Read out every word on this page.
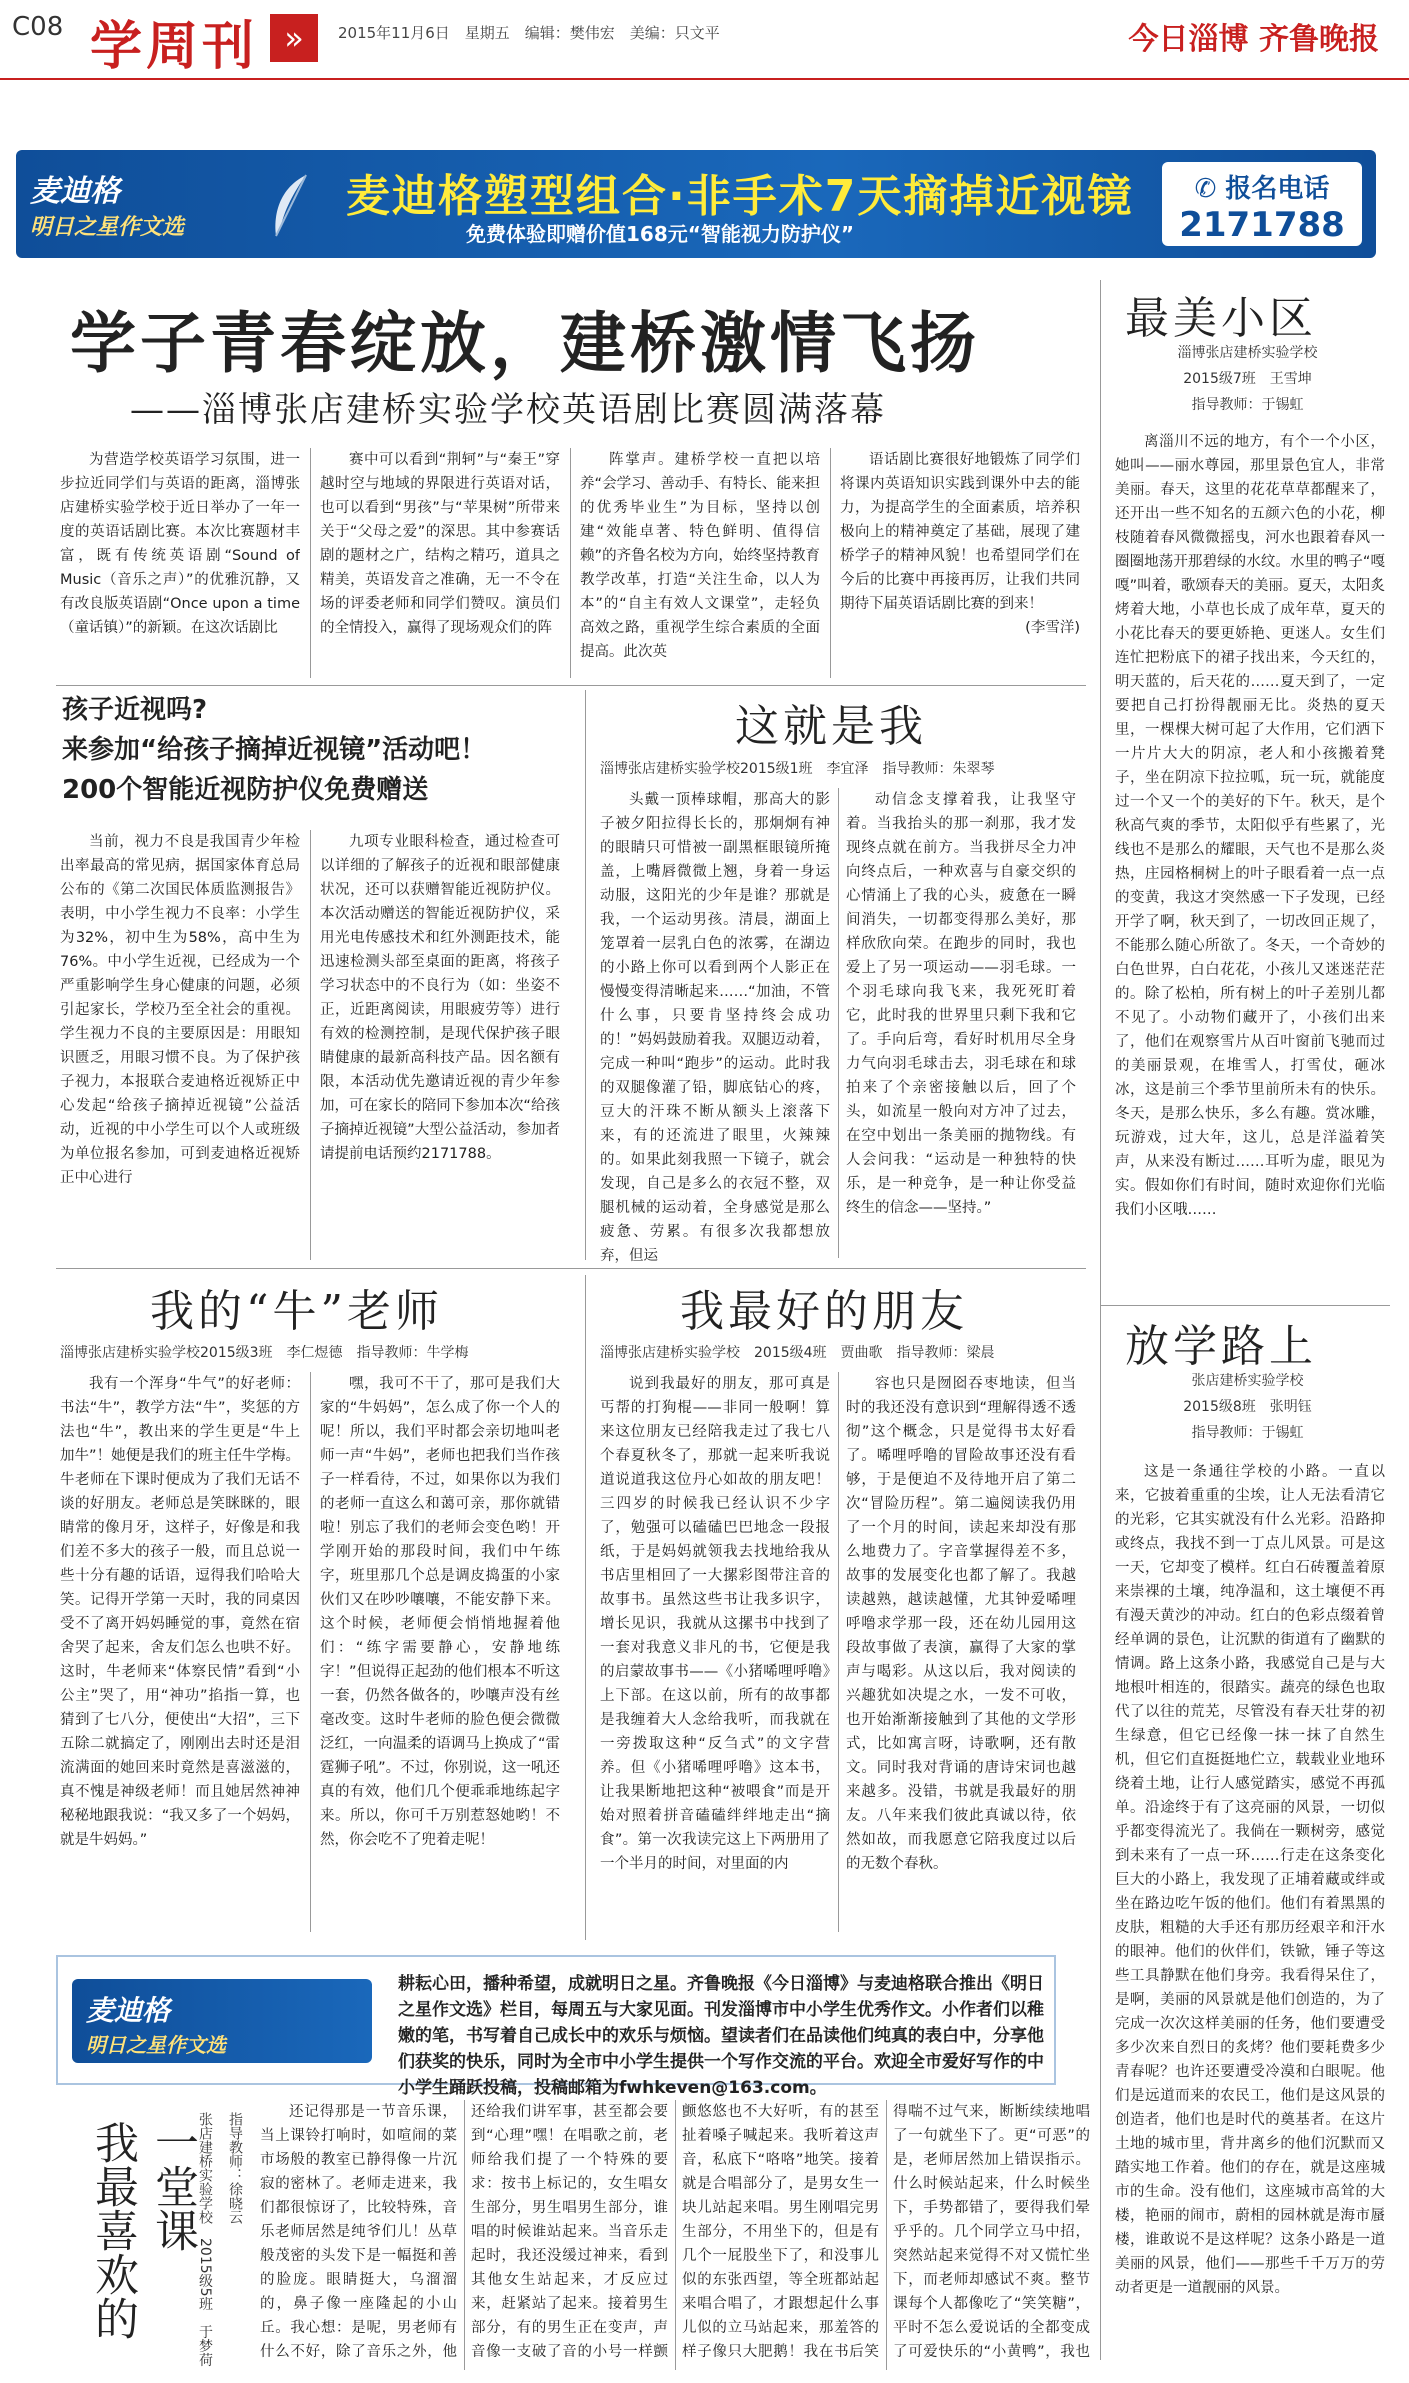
C08 学周刊 »	2015年11月6日　星期五　编辑：樊伟宏　美编：只文平	今日淄博 齐鲁晚报
麦迪格
明日之星作文选
麦迪格塑型组合·非手术7天摘掉近视镜
免费体验即赠价值168元“智能视力防护仪”
✆ 报名电话
2171788
学子青春绽放，建桥激情飞扬
——淄博张店建桥实验学校英语剧比赛圆满落幕

为营造学校英语学习氛围，进一步拉近同学们与英语的距离，淄博张店建桥实验学校于近日举办了一年一度的英语话剧比赛。本次比赛题材丰富，既有传统英语剧“Sound of Music（音乐之声）”的优雅沉静，又有改良版英语剧“Once upon a time（童话镇）”的新颖。在这次话剧比

赛中可以看到“荆轲”与“秦王”穿越时空与地域的界限进行英语对话，也可以看到“男孩”与“苹果树”所带来关于“父母之爱”的深思。其中参赛话剧的题材之广，结构之精巧，道具之精美，英语发音之准确，无一不令在场的评委老师和同学们赞叹。演员们的全情投入，赢得了现场观众们的阵

阵掌声。建桥学校一直把以培养“会学习、善动手、有特长、能来担的优秀毕业生”为目标，坚持以创建“效能卓著、特色鲜明、值得信赖”的齐鲁名校为方向，始终坚持教育教学改革，打造“关注生命，以人为本”的“自主有效人文课堂”，走轻负高效之路，重视学生综合素质的全面提高。此次英

语话剧比赛很好地锻炼了同学们将课内英语知识实践到课外中去的能力，为提高学生的全面素质，培养积极向上的精神奠定了基础，展现了建桥学子的精神风貌！也希望同学们在今后的比赛中再接再厉，让我们共同期待下届英语话剧比赛的到来！

(李雪洋)
孩子近视吗?
来参加“给孩子摘掉近视镜”活动吧！
200个智能近视防护仪免费赠送

当前，视力不良是我国青少年检出率最高的常见病，据国家体育总局公布的《第二次国民体质监测报告》表明，中小学生视力不良率：小学生为32%，初中生为58%，高中生为76%。中小学生近视，已经成为一个严重影响学生身心健康的问题，必须引起家长，学校乃至全社会的重视。学生视力不良的主要原因是：用眼知识匮乏，用眼习惯不良。为了保护孩子视力，本报联合麦迪格近视矫正中心发起“给孩子摘掉近视镜”公益活动，近视的中小学生可以个人或班级为单位报名参加，可到麦迪格近视矫正中心进行

九项专业眼科检查，通过检查可以详细的了解孩子的近视和眼部健康状况，还可以获赠智能近视防护仪。本次活动赠送的智能近视防护仪，采用光电传感技术和红外测距技术，能迅速检测头部至桌面的距离，将孩子学习状态中的不良行为（如：坐姿不正，近距离阅读，用眼疲劳等）进行有效的检测控制，是现代保护孩子眼睛健康的最新高科技产品。因名额有限，本活动优先邀请近视的青少年参加，可在家长的陪同下参加本次“给孩子摘掉近视镜”大型公益活动，参加者请提前电话预约2171788。

这就是我
淄博张店建桥实验学校2015级1班　李宜泽　指导教师：朱翠琴

头戴一顶棒球帽，那高大的影子被夕阳拉得长长的，那炯炯有神的眼睛只可惜被一副黑框眼镜所掩盖，上嘴唇微微上翘，身着一身运动服，这阳光的少年是谁？那就是我，一个运动男孩。清晨，湖面上笼罩着一层乳白色的浓雾，在湖边的小路上你可以看到两个人影正在慢慢变得清晰起来……“加油，不管什么事，只要肯坚持终会成功的！”妈妈鼓励着我。双腿迈动着，完成一种叫“跑步”的运动。此时我的双腿像灌了铅，脚底钻心的疼，豆大的汗珠不断从额头上滚落下来，有的还流进了眼里，火辣辣的。如果此刻我照一下镜子，就会发现，自己是多么的衣冠不整，双腿机械的运动着，全身感觉是那么疲惫、劳累。有很多次我都想放弃，但运

动信念支撑着我，让我坚守着。当我抬头的那一刹那，我才发现终点就在前方。当我拼尽全力冲向终点后，一种欢喜与自豪交织的心情涌上了我的心头，疲惫在一瞬间消失，一切都变得那么美好，那样欣欣向荣。在跑步的同时，我也爱上了另一项运动——羽毛球。一个羽毛球向我飞来，我死死盯着它，此时我的世界里只剩下我和它了。手向后弯，看好时机用尽全身力气向羽毛球击去，羽毛球在和球拍来了个亲密接触以后，回了个头，如流星一般向对方冲了过去，在空中划出一条美丽的抛物线。有人会问我：“运动是一种独特的快乐，是一种竞争，是一种让你受益终生的信念——坚持。”

最美小区
淄博张店建桥实验学校
2015级7班　王雪坤
指导教师：于锡虹

离淄川不远的地方，有个一个小区，她叫——丽水尊园，那里景色宜人，非常美丽。春天，这里的花花草草都醒来了，还开出一些不知名的五颜六色的小花，柳枝随着春风微微摇曳，河水也跟着春风一圈圈地荡开那碧绿的水纹。水里的鸭子“嘎嘎”叫着，歌颂春天的美丽。夏天，太阳炙烤着大地，小草也长成了成年草，夏天的小花比春天的要更娇艳、更迷人。女生们连忙把粉底下的裙子找出来，今天红的，明天蓝的，后天花的……夏天到了，一定要把自己打扮得靓丽无比。炎热的夏天里，一棵棵大树可起了大作用，它们洒下一片片大大的阴凉，老人和小孩搬着凳子，坐在阴凉下拉拉呱，玩一玩，就能度过一个又一个的美好的下午。秋天，是个秋高气爽的季节，太阳似乎有些累了，光线也不是那么的耀眼，天气也不是那么炎热，庄园格桐树上的叶子眼看着一点一点的变黄，我这才突然感一下子发现，已经开学了啊，秋天到了，一切改回正规了，不能那么随心所欲了。冬天，一个奇妙的白色世界，白白花花，小孩儿又迷迷茫茫的。除了松柏，所有树上的叶子差别儿都不见了。小动物们藏开了，小孩们出来了，他们在观察雪片从百叶窗前飞驰而过的美丽景观，在堆雪人，打雪仗，砸冰冰，这是前三个季节里前所未有的快乐。冬天，是那么快乐，多么有趣。赏冰雕，玩游戏，过大年，这儿，总是洋溢着笑声，从来没有断过……耳听为虚，眼见为实。假如你们有时间，随时欢迎你们光临我们小区哦……

放学路上
张店建桥实验学校
2015级8班　张明钰
指导教师：于锡虹

这是一条通往学校的小路。一直以来，它披着重重的尘埃，让人无法看清它的光彩，它其实就没有什么光彩。沿路抑或终点，我找不到一丁点儿风景。可是这一天，它却变了模样。红白石砖覆盖着原来崇裸的土壤，纯净温和，这土壤便不再有漫天黄沙的冲动。红白的色彩点缀着曾经单调的景色，让沉默的街道有了幽默的情调。路上这条小路，我感觉自己是与大地根叶相连的，很踏实。蔬亮的绿色也取代了以往的荒芜，尽管没有春天壮芽的初生绿意，但它已经像一抹一抹了自然生机，但它们直挺挺地伫立，载载业业地环绕着土地，让行人感觉踏实，感觉不再孤单。沿途终于有了这亮丽的风景，一切似乎都变得流光了。我倘在一颗树旁，感觉到未来有了一点一环……行走在这条变化巨大的小路上，我发现了正埔着藏或绊或坐在路边吃午饭的他们。他们有着黑黑的皮肤，粗糙的大手还有那历经艰辛和汗水的眼神。他们的伙伴们，铁锨，锤子等这些工具静默在他们身旁。我看得呆住了，是啊，美丽的风景就是他们创造的，为了完成一次次这样美丽的任务，他们要遭受多少次来自烈日的炙烤？他们要耗费多少青春呢？也许还要遭受冷漠和白眼呢。他们是远道而来的农民工，他们是这风景的创造者，他们也是时代的奠基者。在这片土地的城市里，背井离乡的他们沉默而又踏实地工作着。他们的存在，就是这座城市的生命。没有他们，这座城市高耸的大楼，艳丽的闹市，蔚相的园林就是海市蜃楼，谁敢说不是这样呢？这条小路是一道美丽的风景，他们——那些千千万万的劳动者更是一道靓丽的风景。

我的“牛”老师
淄博张店建桥实验学校2015级3班　李仁煜德　指导教师：牛学梅

我有一个浑身“牛气”的好老师：书法“牛”，教学方法“牛”，奖惩的方法也“牛”，教出来的学生更是“牛上加牛”！她便是我们的班主任牛学梅。牛老师在下课时便成为了我们无话不谈的好朋友。老师总是笑眯眯的，眼睛常的像月牙，这样子，好像是和我们差不多大的孩子一般，而且总说一些十分有趣的话语，逗得我们哈哈大笑。记得开学第一天时，我的同桌因受不了离开妈妈睡觉的事，竟然在宿舍哭了起来，舍友们怎么也哄不好。这时，牛老师来“体察民情”看到“小公主”哭了，用“神功”掐指一算，也猜到了七八分，便使出“大招”，三下五除二就搞定了，刚刚出去时还是泪流满面的她回来时竟然是喜滋滋的，真不愧是神级老师！而且她居然神神秘秘地跟我说：“我又多了一个妈妈，就是牛妈妈。”

嘿，我可不干了，那可是我们大家的“牛妈妈”，怎么成了你一个人的呢！所以，我们平时都会亲切地叫老师一声“牛妈”，老师也把我们当作孩子一样看待，不过，如果你以为我们的老师一直这么和蔼可亲，那你就错啦！别忘了我们的老师会变色哟！开学刚开始的那段时间，我们中午练字，班里那几个总是调皮捣蛋的小家伙们又在吵吵嚷嚷，不能安静下来。这个时候，老师便会悄悄地握着他们：“练字需要静心，安静地练字！”但说得正起劲的他们根本不听这一套，仍然各做各的，吵嚷声没有丝毫改变。这时牛老师的脸色便会微微泛红，一向温柔的语调马上换成了“雷霆狮子吼”。不过，你别说，这一吼还真的有效，他们几个便乖乖地练起字来。所以，你可千万别惹怒她哟！不然，你会吃不了兜着走呢！

我最好的朋友
淄博张店建桥实验学校　2015级4班　贾曲歌　指导教师：梁晨

说到我最好的朋友，那可真是丐帮的打狗棍——非同一般啊！算来这位朋友已经陪我走过了我七八个春夏秋冬了，那就一起来听我说道说道我这位丹心如故的朋友吧！三四岁的时候我已经认识不少字了，勉强可以磕磕巴巴地念一段报纸，于是妈妈就领我去找地给我从书店里相回了一大摞彩图带注音的故事书。虽然这些书让我多识字，增长见识，我就从这摞书中找到了一套对我意义非凡的书，它便是我的启蒙故事书——《小猪唏哩呼噜》上下部。在这以前，所有的故事都是我缠着大人念给我听，而我就在一旁拨取这种“反刍式”的文字营养。但《小猪唏哩呼噜》这本书，让我果断地把这种“被喂食”而是开始对照着拼音磕磕绊绊地走出“摘食”。第一次我读完这上下两册用了一个半月的时间，对里面的内

容也只是囫囵吞枣地读，但当时的我还没有意识到“理解得透不透彻”这个概念，只是觉得书太好看了。唏哩呼噜的冒险故事还没有看够，于是便迫不及待地开启了第二次“冒险历程”。第二遍阅读我仍用了一个月的时间，读起来却没有那么地费力了。字音掌握得差不多，故事的发展变化也都了解了。我越读越熟，越读越懂，尤其钟爱唏哩呼噜求学那一段，还在幼儿园用这段故事做了表演，赢得了大家的掌声与喝彩。从这以后，我对阅读的兴趣犹如决堤之水，一发不可收，也开始渐渐接触到了其他的文学形式，比如寓言呀，诗歌啊，还有散文。同时我对背诵的唐诗宋词也越来越多。没错，书就是我最好的朋友。八年来我们彼此真诚以待，依然如故，而我愿意它陪我度过以后的无数个春秋。

麦迪格
明日之星作文选
耕耘心田，播种希望，成就明日之星。齐鲁晚报《今日淄博》与麦迪格联合推出《明日之星作文选》栏目，每周五与大家见面。刊发淄博市中小学生优秀作文。小作者们以稚嫩的笔，书写着自己成长中的欢乐与烦恼。望读者们在品读他们纯真的表白中，分享他们获奖的快乐，同时为全市中小学生提供一个写作交流的平台。欢迎全市爱好写作的中小学生踊跃投稿，投稿邮箱为fwhkeven@163.com。
一堂课
我最喜欢的	张店建桥实验学校　2015级5班　于梦荷 指导教师：徐晓云	还记得那是一节音乐课，当上课铃打响时，如喧闹的菜市场般的教室已静得像一片沉寂的密林了。老师走进来，我们都很惊讶了，比较特殊，音乐老师居然是纯爷们儿！丛草般茂密的头发下是一幅挺和善的脸庞。眼睛挺大，乌溜溜的，鼻子像一座隆起的小山丘。我心想：是呢，男老师有什么不好，除了音乐之外，他还给我们讲军事，甚至都会要到“心理”嘿！在唱歌之前，老师给我们提了一个特殊的要求：按书上标记的，女生唱女生部分，男生唱男生部分，谁唱的时候谁站起来。当音乐走起时，我还没缓过神来，看到其他女生站起来，才反应过来，赶紧站了起来。接着男生部分，有的男生正在变声，声音像一支破了音的小号一样颤颤悠悠也不大好听，有的甚至扯着嗓子喊起来。我听着这声音，私底下“咯咯”地笑。接着就是合唱部分了，是男女生一块儿站起来唱。男生刚唱完男生部分，不用坐下的，但是有几个一屁股坐下了，和没事儿似的东张西望，等全班都站起来唱合唱了，才跟想起什么事儿似的立马站起来，那羞答的样子像只大肥鹅！我在书后笑得喘不过气来，断断续续地唱了一句就坐下了。更“可恶”的是，老师居然加上错误指示。什么时候站起来，什么时候坐下，手势都错了，要得我们晕乎乎的。几个同学立马中招，突然站起来觉得不对又慌忙坐下，而老师却感试不爽。整节课每个人都像吃了“笑笑糖”，平时不怎么爱说话的全都变成了可爱快乐的“小黄鸭”，我也
